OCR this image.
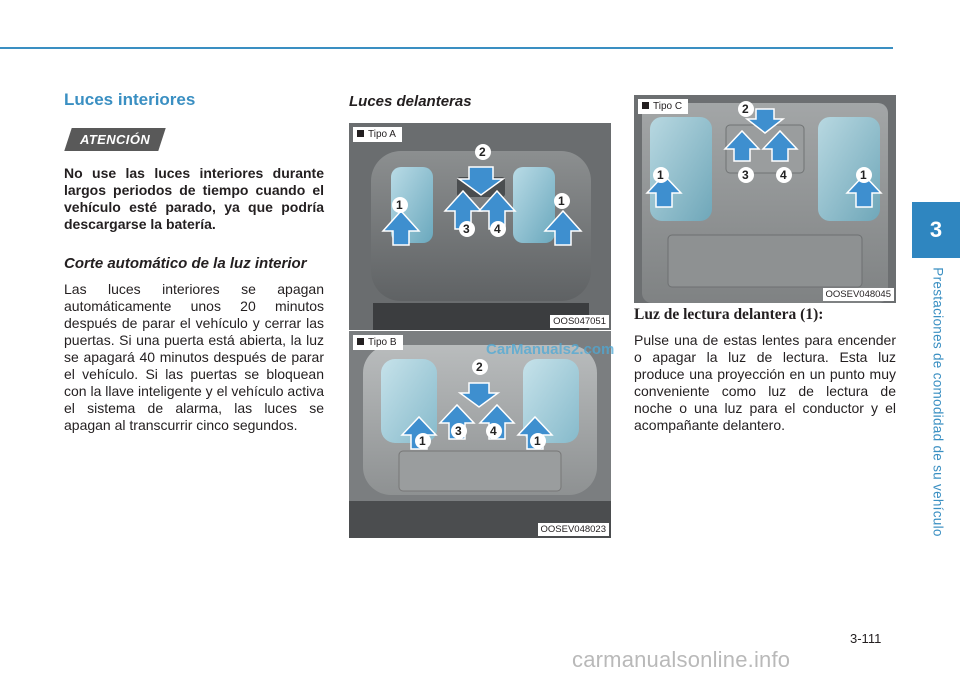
3
Prestaciones de comodidad de su vehículo
Luces interiores
ATENCIÓN

No use las luces interiores durante largos periodos de tiempo cuando el vehículo esté parado, ya que podría descargarse la batería.

Corte automático de la luz interior

Las luces interiores se apagan automáticamente unos 20 minutos después de parar el vehículo y cerrar las puertas. Si una puerta está abierta, la luz se apagará 40 minutos después de parar el vehículo. Si las puertas se bloquean con la llave inteligente y el vehículo activa el sistema de alarma, las luces se apagan al transcurrir cinco segundos.

Luces delanteras
2
1	1
3 4
Tipo A
OOS047051
2
1
3 4
1
Tipo B
OOSEV048023
2
1	3	4	1
Tipo C
OOSEV048045
CarManuals2.com
Luz de lectura delantera (1):

Pulse una de estas lentes para encender o apagar la luz de lectura. Esta luz produce una proyección en un punto muy conveniente como luz de lectura de noche o una luz para el conductor y el acompañante delantero.

3-111
carmanualsonline.info
